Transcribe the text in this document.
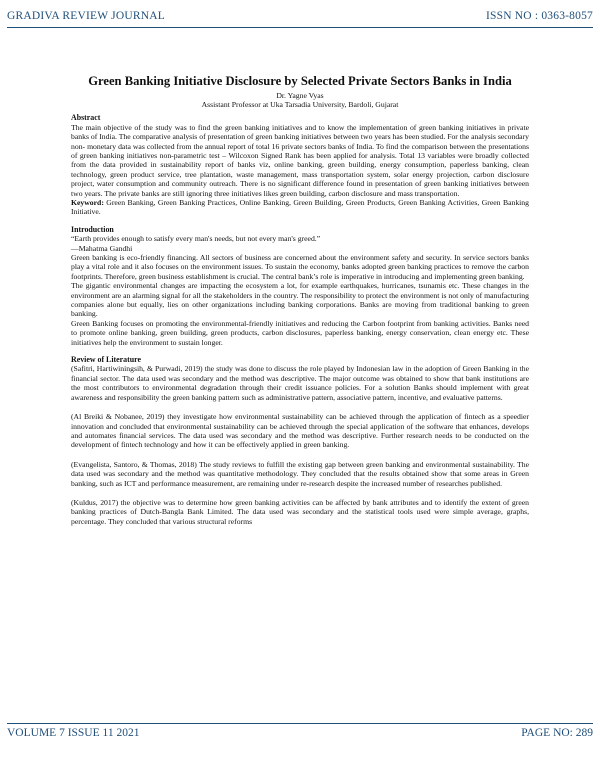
GRADIVA REVIEW JOURNAL	ISSN NO : 0363-8057
Green Banking Initiative Disclosure by Selected Private Sectors Banks in India

Dr. Yagne Vyas

Assistant Professor at Uka Tarsadia University, Bardoli, Gujarat

Abstract

The main objective of the study was to find the green banking initiatives and to know the implementation of green banking initiatives in private banks of India. The comparative analysis of presentation of green banking initiatives between two years has been studied. For the analysis secondary non- monetary data was collected from the annual report of total 16 private sectors banks of India. To find the comparison between the presentations of green banking initiatives non-parametric test – Wilcoxon Signed Rank has been applied for analysis. Total 13 variables were broadly collected from the data provided in sustainability report of banks viz, online banking, green building, energy consumption, paperless banking, clean technology, green product service, tree plantation, waste management, mass transportation system, solar energy projection, carbon disclosure project, water consumption and community outreach. There is no significant difference found in presentation of green banking initiatives between two years. The private banks are still ignoring three initiatives likes green building, carbon disclosure and mass transportation.

Keyword: Green Banking, Green Banking Practices, Online Banking, Green Building, Green Products, Green Banking Activities, Green Banking Initiative.

Introduction

“Earth provides enough to satisfy every man's needs, but not every man's greed.”

―Mahatma Gandhi

Green banking is eco-friendly financing. All sectors of business are concerned about the environment safety and security. In service sectors banks play a vital role and it also focuses on the environment issues. To sustain the economy, banks adopted green banking practices to remove the carbon footprints. Therefore, green business establishment is crucial. The central bank’s role is imperative in introducing and implementing green banking.

The gigantic environmental changes are impacting the ecosystem a lot, for example earthquakes, hurricanes, tsunamis etc. These changes in the environment are an alarming signal for all the stakeholders in the country. The responsibility to protect the environment is not only of manufacturing companies alone but equally, lies on other organizations including banking corporations. Banks are moving from traditional banking to green banking.

Green Banking focuses on promoting the environmental-friendly initiatives and reducing the Carbon footprint from banking activities. Banks need to promote online banking, green building, green products, carbon disclosures, paperless banking, energy conservation, clean energy etc. These initiatives help the environment to sustain longer.

Review of Literature

(Safitri, Hartiwiningsih, & Purwadi, 2019) the study was done to discuss the role played by Indonesian law in the adoption of Green Banking in the financial sector. The data used was secondary and the method was descriptive. The major outcome was obtained to show that bank institutions are the most contributors to environmental degradation through their credit issuance policies. For a solution Banks should implement with great awareness and responsibility the green banking pattern such as administrative pattern, associative pattern, incentive, and evaluative patterns.

(Al Breiki & Nobanee, 2019) they investigate how environmental sustainability can be achieved through the application of fintech as a speedier innovation and concluded that environmental sustainability can be achieved through the special application of the software that enhances, develops and automates financial services. The data used was secondary and the method was descriptive. Further research needs to be conducted on the development of fintech technology and how it can be effectively applied in green banking.

(Evangelista, Santoro, & Thomas, 2018) The study reviews to fulfill the existing gap between green banking and environmental sustainability. The data used was secondary and the method was quantitative methodology. They concluded that the results obtained show that some areas in Green banking, such as ICT and performance measurement, are remaining under re-research despite the increased number of researches published.

(Kuldus, 2017) the objective was to determine how green banking activities can be affected by bank attributes and to identify the extent of green banking practices of Dutch-Bangla Bank Limited. The data used was secondary and the statistical tools used were simple average, graphs, percentage. They concluded that various structural reforms

VOLUME 7 ISSUE 11 2021	PAGE NO: 289
